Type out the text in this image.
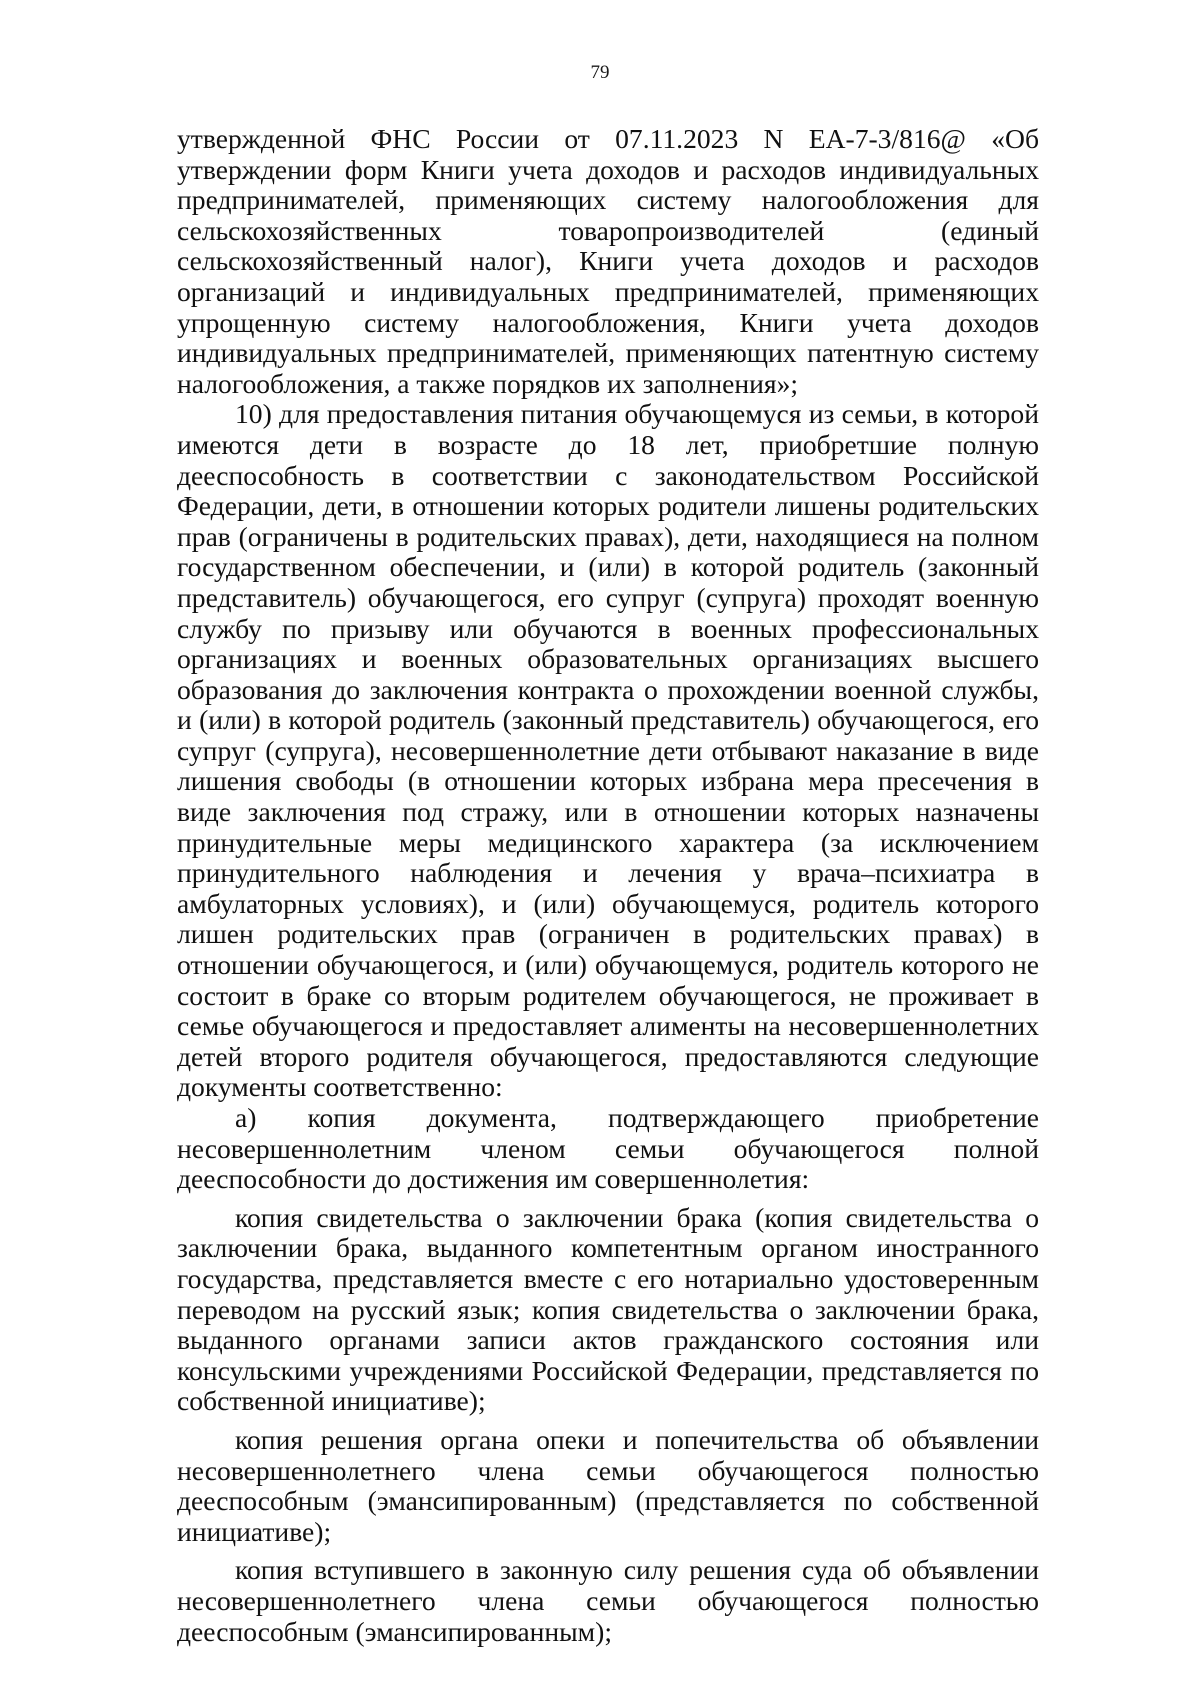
79

утвержденной ФНС России от 07.11.2023 N ЕА-7-3/816@ «Об утверждении форм Книги учета доходов и расходов индивидуальных предпринимателей, применяющих систему налогообложения для сельскохозяйственных товаропроизводителей (единый сельскохозяйственный налог), Книги учета доходов и расходов организаций и индивидуальных предпринимателей, применяющих упрощенную систему налогообложения, Книги учета доходов индивидуальных предпринимателей, применяющих патентную систему налогообложения, а также порядков их заполнения»;

10) для предоставления питания обучающемуся из семьи, в которой имеются дети в возрасте до 18 лет, приобретшие полную дееспособность в соответствии с законодательством Российской Федерации, дети, в отношении которых родители лишены родительских прав (ограничены в родительских правах), дети, находящиеся на полном государственном обеспечении, и (или) в которой родитель (законный представитель) обучающегося, его супруг (супруга) проходят военную службу по призыву или обучаются в военных профессиональных организациях и военных образовательных организациях высшего образования до заключения контракта о прохождении военной службы, и (или) в которой родитель (законный представитель) обучающегося, его супруг (супруга), несовершеннолетние дети отбывают наказание в виде лишения свободы (в отношении которых избрана мера пресечения в виде заключения под стражу, или в отношении которых назначены принудительные меры медицинского характера (за исключением принудительного наблюдения и лечения у врача–психиатра в амбулаторных условиях), и (или) обучающемуся, родитель которого лишен родительских прав (ограничен в родительских правах) в отношении обучающегося, и (или) обучающемуся, родитель которого не состоит в браке со вторым родителем обучающегося, не проживает в семье обучающегося и предоставляет алименты на несовершеннолетних детей второго родителя обучающегося, предоставляются следующие документы соответственно:

а) копия документа, подтверждающего приобретение несовершеннолетним членом семьи обучающегося полной дееспособности до достижения им совершеннолетия:

копия свидетельства о заключении брака (копия свидетельства о заключении брака, выданного компетентным органом иностранного государства, представляется вместе с его нотариально удостоверенным переводом на русский язык; копия свидетельства о заключении брака, выданного органами записи актов гражданского состояния или консульскими учреждениями Российской Федерации, представляется по собственной инициативе);

копия решения органа опеки и попечительства об объявлении несовершеннолетнего члена семьи обучающегося полностью дееспособным (эмансипированным) (представляется по собственной инициативе);

копия вступившего в законную силу решения суда об объявлении несовершеннолетнего члена семьи обучающегося полностью дееспособным (эмансипированным);
